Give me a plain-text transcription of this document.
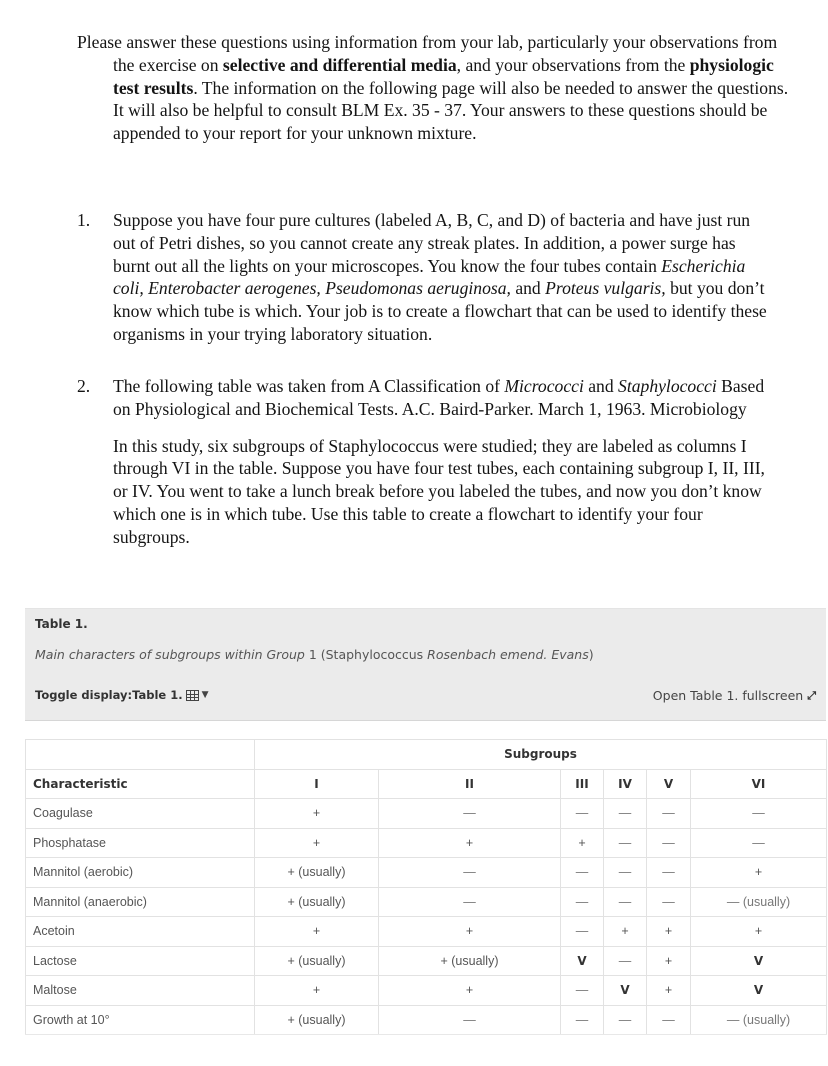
Please answer these questions using information from your lab, particularly your observations from the exercise on selective and differential media, and your observations from the physiologic test results. The information on the following page will also be needed to answer the questions. It will also be helpful to consult BLM Ex. 35 - 37. Your answers to these questions should be appended to your report for your unknown mixture.

1.	Suppose you have four pure cultures (labeled A, B, C, and D) of bacteria and have just run out of Petri dishes, so you cannot create any streak plates. In addition, a power surge has burnt out all the lights on your microscopes. You know the four tubes contain Escherichia coli, Enterobacter aerogenes, Pseudomonas aeruginosa, and Proteus vulgaris, but you don’t know which tube is which. Your job is to create a flowchart that can be used to identify these organisms in your trying laboratory situation.
2.	The following table was taken from A Classification of Micrococci and Staphylococci Based on Physiological and Biochemical Tests. A.C. Baird-Parker. March 1, 1963. Microbiology
In this study, six subgroups of Staphylococcus were studied; they are labeled as columns I through VI in the table. Suppose you have four test tubes, each containing subgroup I, II, III, or IV. You went to take a lunch break before you labeled the tubes, and now you don’t know which one is in which tube. Use this table to create a flowchart to identify your four subgroups.
Table 1.
Main characters of subgroups within Group 1 (Staphylococcus Rosenbach emend. Evans)
Toggle display:Table 1. ▼	Open Table 1. fullscreen ⤢
	Subgroups					
Characteristic	I	II	III	IV	V	VI
Coagulase	+	—	—	—	—	—
Phosphatase	+	+	+	—	—	—
Mannitol (aerobic)	+ (usually)	—	—	—	—	+
Mannitol (anaerobic)	+ (usually)	—	—	—	—	— (usually)
Acetoin	+	+	—	+	+	+
Lactose	+ (usually)	+ (usually)	V	—	+	V
Maltose	+	+	—	V	+	V
Growth at 10°	+ (usually)	—	—	—	—	— (usually)
